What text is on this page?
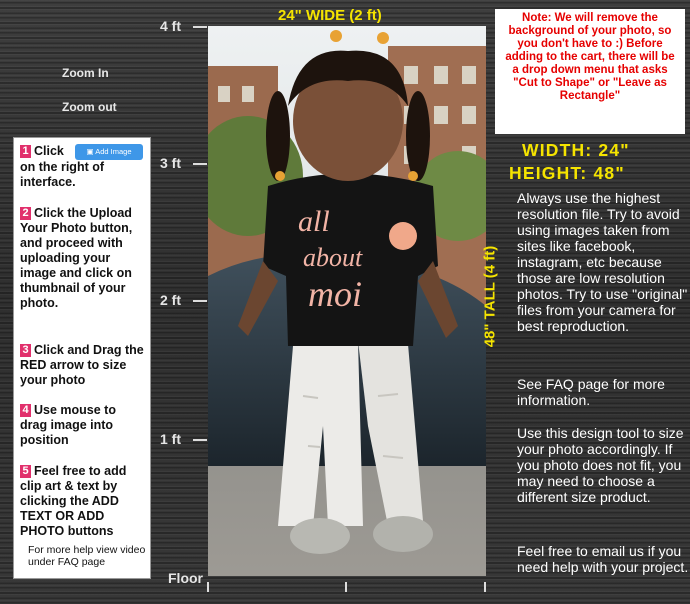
4 ft
3 ft
2 ft
1 ft
Floor
Zoom In
Zoom out
1 Click
on the right of interface.
▣ Add Image
2 Click the Upload Your Photo button, and proceed with uploading your image and click on thumbnail of your photo.
3 Click and Drag the RED arrow to size your photo
4 Use mouse to drag image into position
5 Feel free to add clip art & text by clicking the ADD TEXT OR ADD PHOTO buttons
For more help view video under FAQ page
all
about
moi
24" WIDE (2 ft)
48" TALL (4 ft)
Note: We will remove the background of your photo, so you don't have to :) Before adding to the cart, there will be a drop down menu that asks "Cut to Shape" or "Leave as Rectangle"
WIDTH: 24"
HEIGHT: 48"
Always use the highest resolution file. Try to avoid using images taken from sites like facebook, instagram, etc because those are low resolution photos. Try to use "original" files from your camera for best reproduction.
See FAQ page for more information.
Use this design tool to size your photo accordingly. If you photo does not fit, you may need to choose a different size product.
Feel free to email us if you need help with your project.
